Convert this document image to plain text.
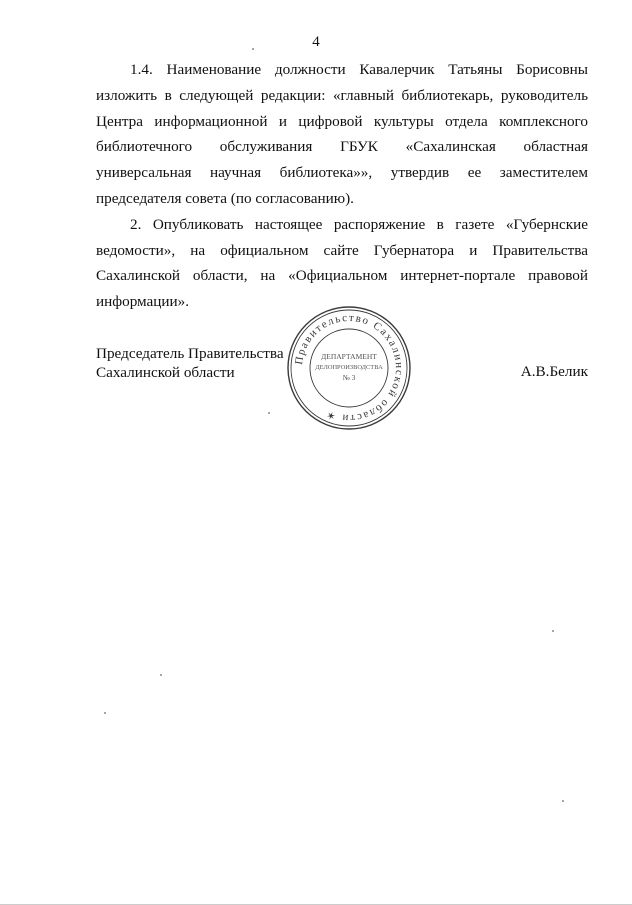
4

1.4. Наименование должности Кавалерчик Татьяны Борисовны изложить в следующей редакции: «главный библиотекарь, руководитель Центра информационной и цифровой культуры отдела комплексного библиотечного обслуживания ГБУК «Сахалинская областная универсальная научная библиотека»», утвердив ее заместителем председателя совета (по согласованию).

2. Опубликовать настоящее распоряжение в газете «Губернские ведомости», на официальном сайте Губернатора и Правительства Сахалинской области, на «Официальном интернет-портале правовой информации».

Председатель Правительства
Сахалинской области	А.В.Белик
Правительство Сахалинской области ✶
ДЕПАРТАМЕНТ
ДЕЛОПРОИЗВОДСТВА
№ 3
